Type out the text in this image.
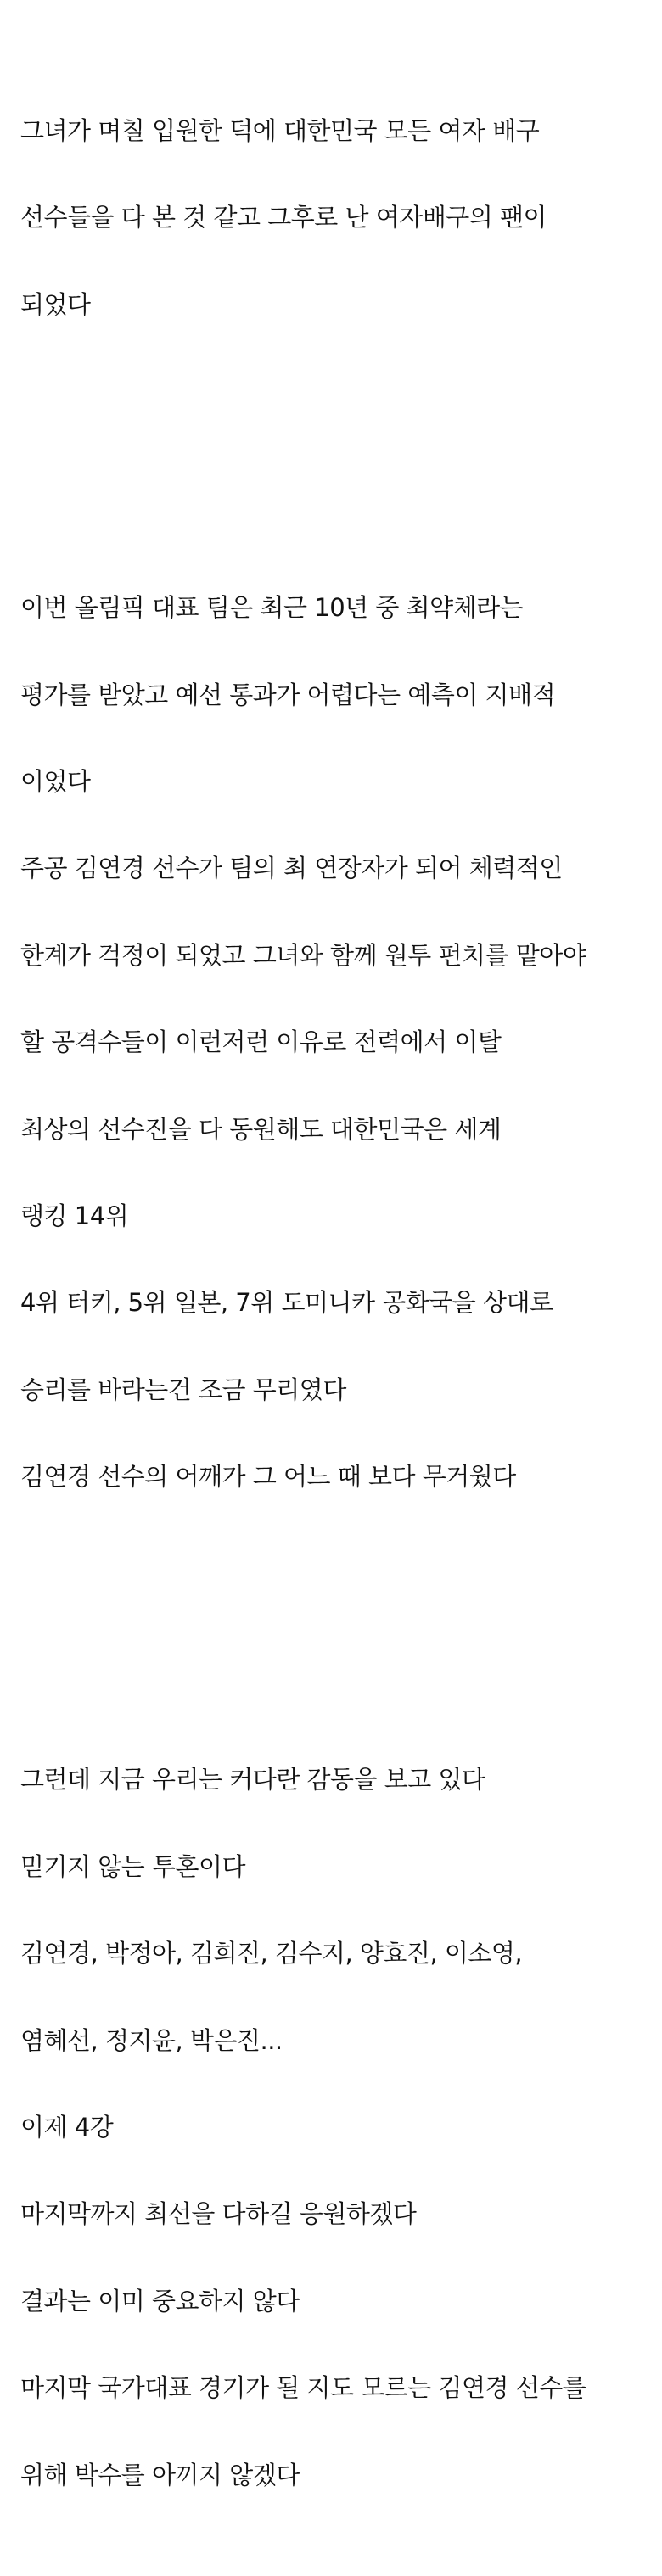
그녀가 며칠 입원한 덕에 대한민국 모든 여자 배구

선수들을 다 본 것 같고 그후로 난 여자배구의 팬이

되었다

이번 올림픽 대표 팀은 최근 10년 중 최약체라는

평가를 받았고 예선 통과가 어렵다는 예측이 지배적

이었다

주공 김연경 선수가 팀의 최 연장자가 되어 체력적인

한계가 걱정이 되었고 그녀와 함께 원투 펀치를 맡아야

할 공격수들이 이런저런 이유로 전력에서 이탈

최상의 선수진을 다 동원해도 대한민국은 세계

랭킹 14위

4위 터키, 5위 일본, 7위 도미니카 공화국을 상대로

승리를 바라는건 조금 무리였다

김연경 선수의 어깨가 그 어느 때 보다 무거웠다

그런데 지금 우리는 커다란 감동을 보고 있다

믿기지 않는 투혼이다

김연경, 박정아, 김희진, 김수지, 양효진, 이소영,

염혜선, 정지윤, 박은진...

이제 4강

마지막까지 최선을 다하길 응원하겠다

결과는 이미 중요하지 않다

마지막 국가대표 경기가 될 지도 모르는 김연경 선수를

위해 박수를 아끼지 않겠다
